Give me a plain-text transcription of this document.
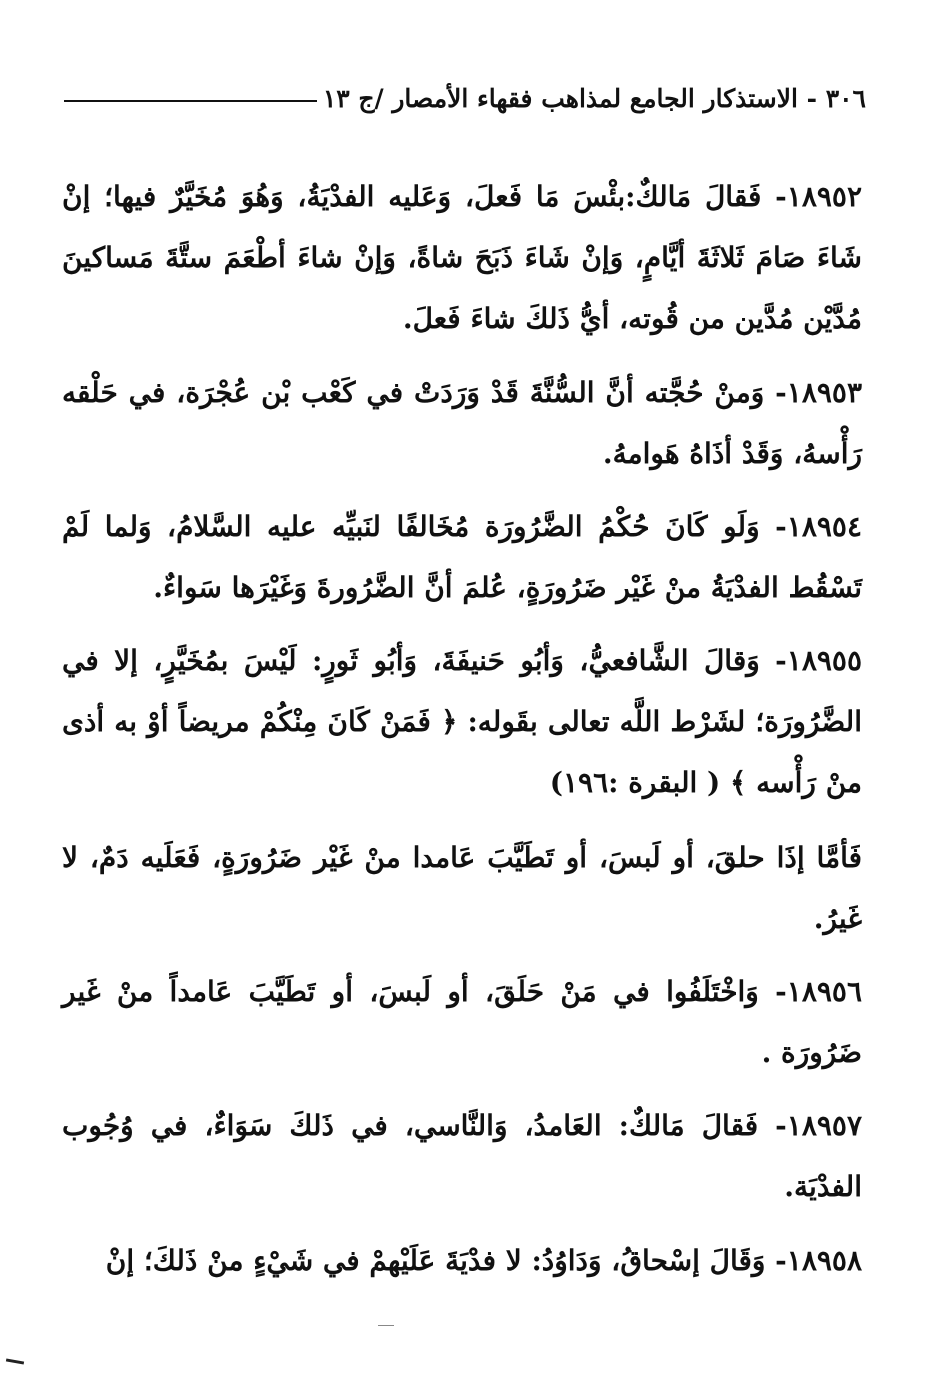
٣٠٦ - الاستذكار الجامع لمذاهب فقهاء الأمصار /ج ١٣

١٨٩٥٢- فَقالَ مَالكٌ:بئْسَ مَا فَعلَ، وَعَليه الفدْيَةُ، وَهُوَ مُخَيَّرٌ فيها؛ إنْ شَاءَ صَامَ ثَلاثَةَ أيَّامٍ، وَإنْ شَاءَ ذَبَحَ شاةً، وَإنْ شاءَ أطْعَمَ ستَّةَ مَساكينَ مُدَّيْن مُدَّين من قُوته، أيُّ ذَلكَ شاءَ فَعلَ.

١٨٩٥٣- وَمنْ حُجَّته أنَّ السُّنَّةَ قَدْ وَرَدَتْ في كَعْب بْن عُجْرَة، في حَلْقه رَأْسهُ، وَقَدْ أذَاهُ هَوامهُ.

١٨٩٥٤- وَلَو كَانَ حُكْمُ الضَّرُورَة مُخَالفًا لنَبيِّه عليه السَّلامُ، وَلما لَمْ تَسْقُط الفدْيَةُ منْ غَيْر ضَرُورَةٍ، عُلمَ أنَّ الضَّرُورةَ وَغَيْرَها سَواءٌ.

١٨٩٥٥- وَقالَ الشَّافعيُّ، وَأبُو حَنيفَةَ، وَأبُو ثَورٍ: لَيْسَ بمُخَيَّرٍ، إلا في الضَّرُورَة؛ لشَرْط اللَّه تعالى بقَوله: ﴿ فَمَنْ كَانَ مِنْكُمْ مريضاً أوْ به أذى منْ رَأْسه ﴾ ( البقرة :١٩٦)

فَأمَّا إذَا حلقَ، أو لَبسَ، أو تَطَيَّبَ عَامدا منْ غَيْر ضَرُورَةٍ، فَعَلَيه دَمٌ، لا غَيرُ.

١٨٩٥٦- وَاخْتَلَفُوا في مَنْ حَلَقَ، أو لَبسَ، أو تَطَيَّبَ عَامداً منْ غَير ضَرُورَة .

١٨٩٥٧- فَقالَ مَالكٌ: العَامدُ، وَالنَّاسي، في ذَلكَ سَوَاءٌ، في وُجُوب الفدْيَة.

١٨٩٥٨- وَقَالَ إسْحاقُ، وَدَاوُدُ: لا فدْيَةَ عَلَيْهمْ في شَيْءٍ منْ ذَلكَ؛ إنْ
